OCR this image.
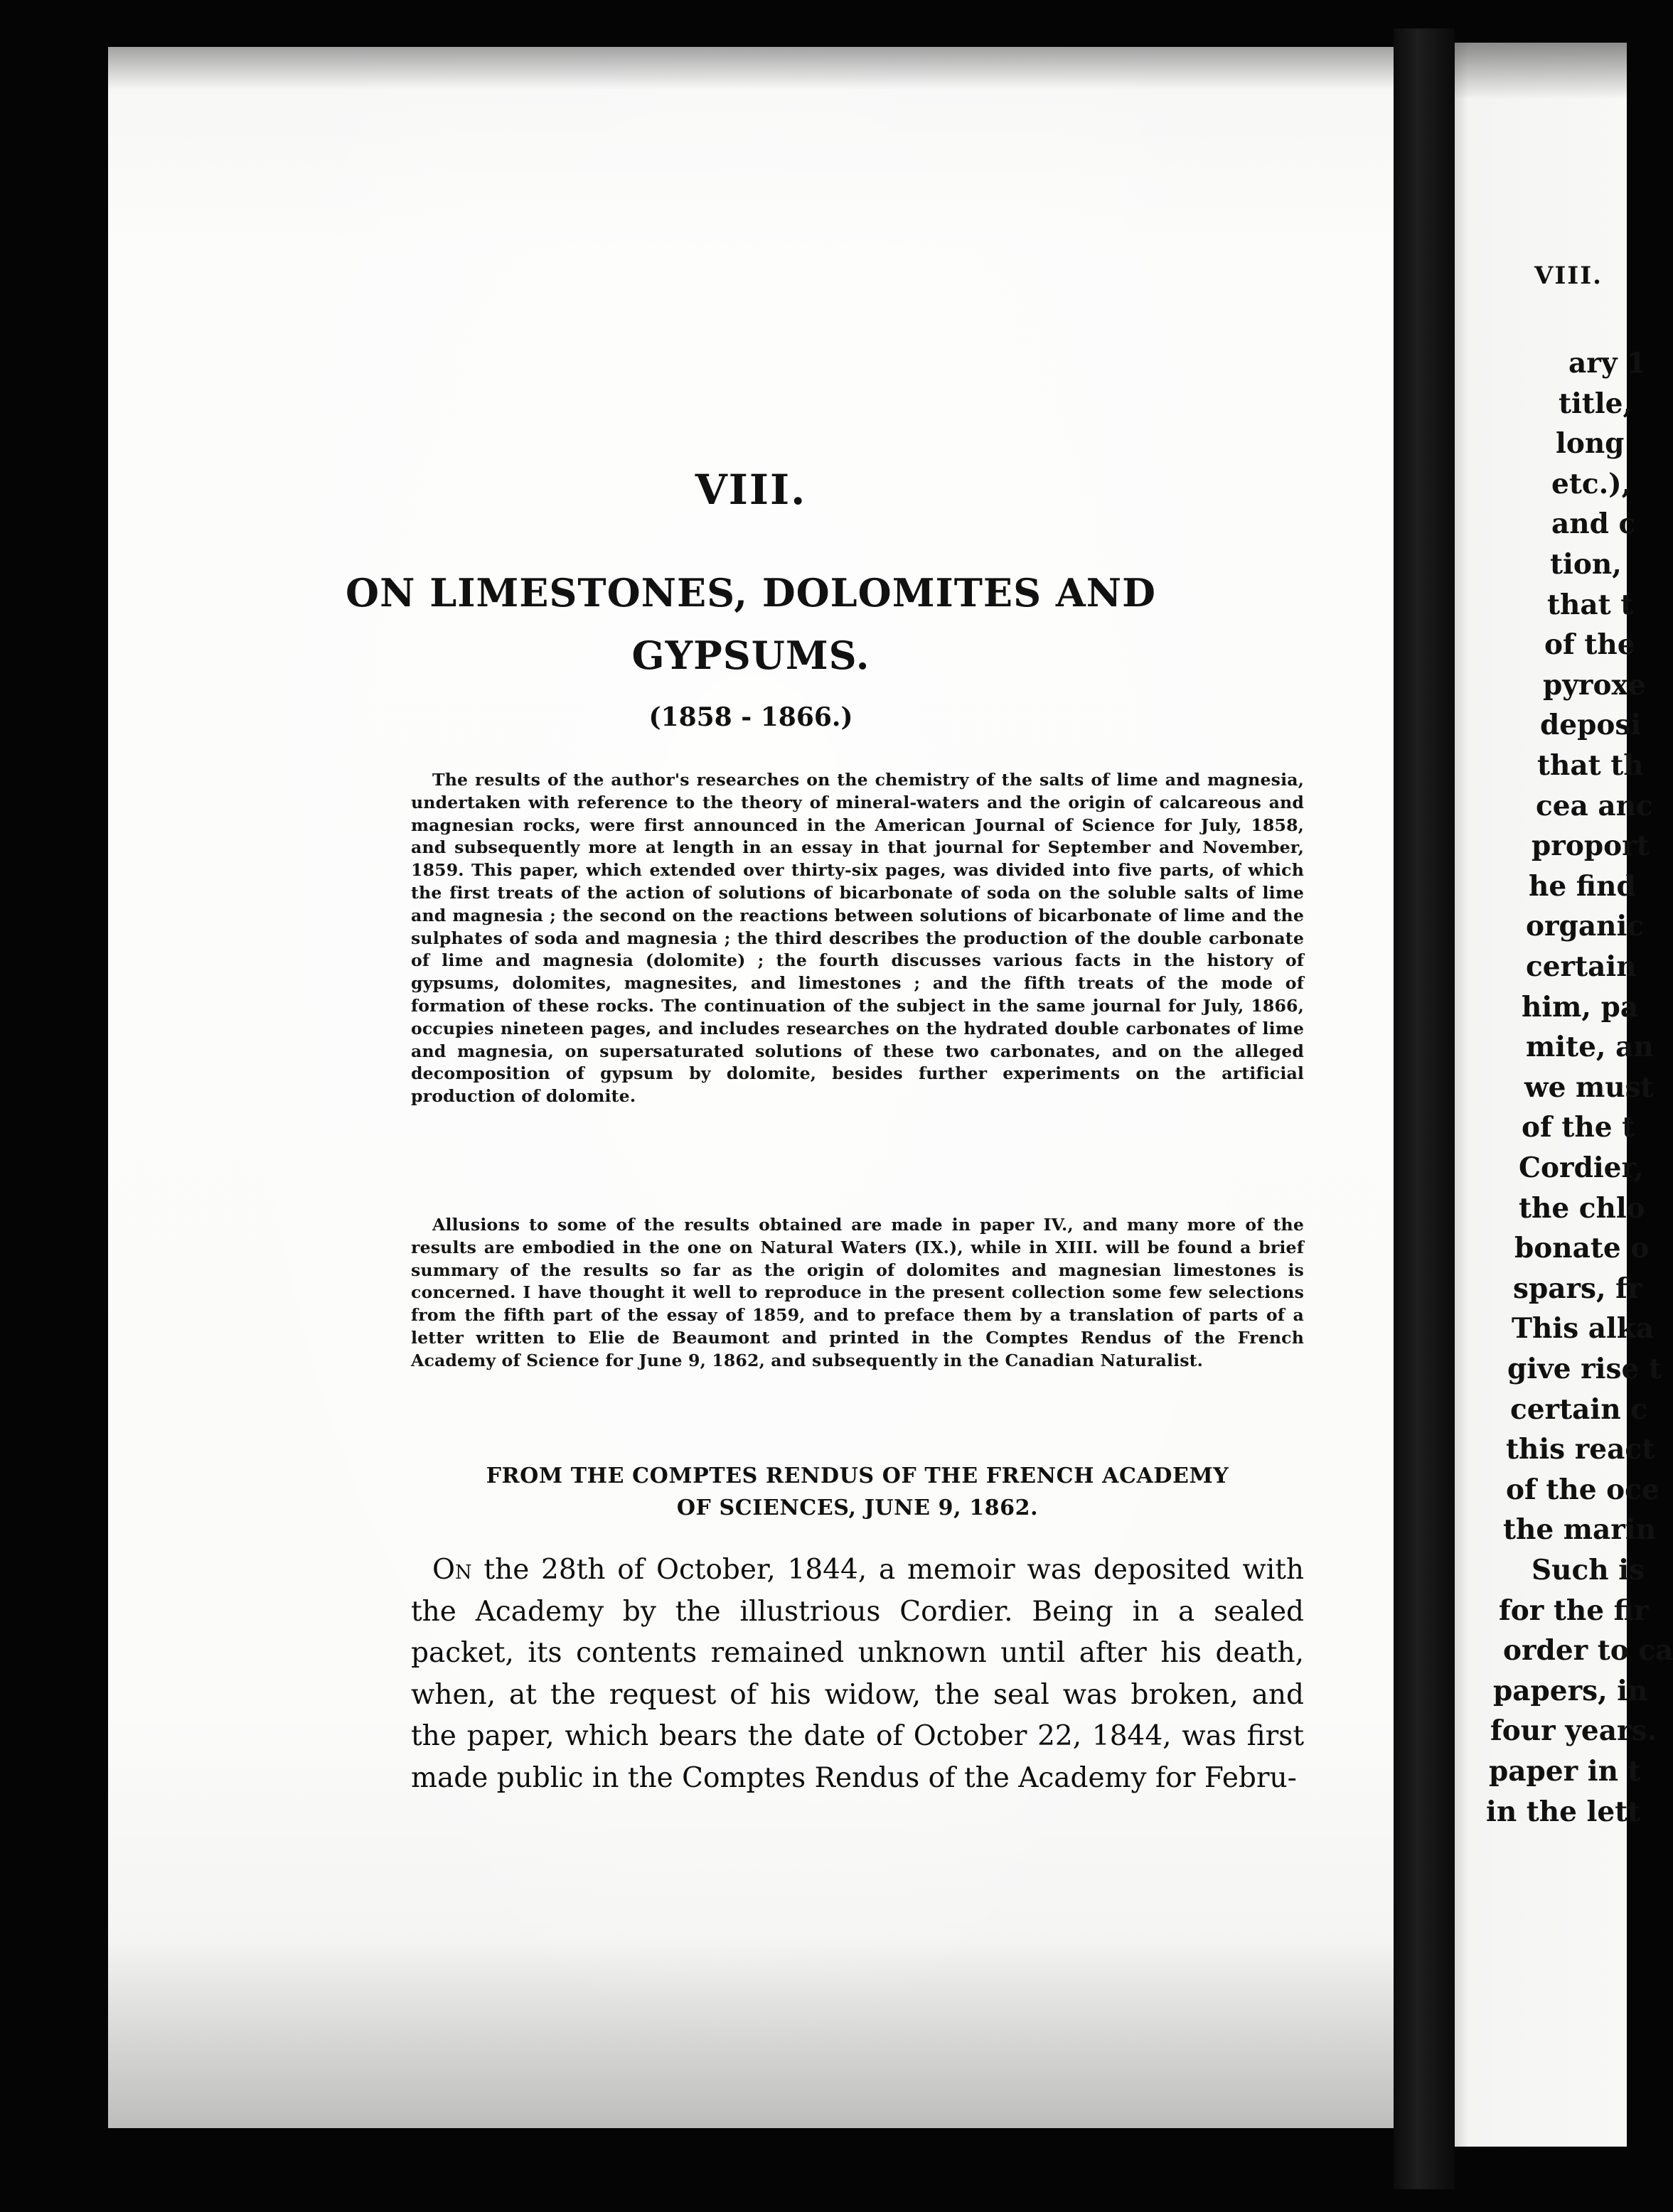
VIII.
ON LIMESTONES, DOLOMITES AND
GYPSUMS.
(1858 - 1866.)
The results of the author's researches on the chemistry of the salts of lime and magnesia, undertaken with reference to the theory of mineral-waters and the origin of calcareous and magnesian rocks, were first announced in the American Journal of Science for July, 1858, and subsequently more at length in an essay in that journal for September and November, 1859. This paper, which extended over thirty-six pages, was divided into five parts, of which the first treats of the action of solutions of bicarbonate of soda on the soluble salts of lime and magnesia ; the second on the reactions between solutions of bicarbonate of lime and the sulphates of soda and magnesia ; the third describes the production of the double carbonate of lime and magnesia (dolomite) ; the fourth discusses various facts in the history of gypsums, dolomites, magnesites, and limestones ; and the fifth treats of the mode of formation of these rocks. The continuation of the subject in the same journal for July, 1866, occupies nineteen pages, and includes researches on the hydrated double carbonates of lime and magnesia, on supersaturated solutions of these two carbonates, and on the alleged decomposition of gypsum by dolomite, besides further experiments on the artificial production of dolomite.
Allusions to some of the results obtained are made in paper IV., and many more of the results are embodied in the one on Natural Waters (IX.), while in XIII. will be found a brief summary of the results so far as the origin of dolomites and magnesian limestones is concerned. I have thought it well to reproduce in the present collection some few selections from the fifth part of the essay of 1859, and to preface them by a translation of parts of a letter written to Elie de Beaumont and printed in the Comptes Rendus of the French Academy of Science for June 9, 1862, and subsequently in the Canadian Naturalist.
FROM THE COMPTES RENDUS OF THE FRENCH ACADEMY
OF SCIENCES, JUNE 9, 1862.
On the 28th of October, 1844, a memoir was deposited with the Academy by the illustrious Cordier. Being in a sealed packet, its contents remained unknown until after his death, when, at the request of his widow, the seal was broken, and the paper, which bears the date of October 22, 1844, was first made public in the Comptes Rendus of the Academy for Febru-
VIII.
ary 1
title,
long
etc.),
and c
tion,
that t
of the
pyroxe
deposi
that th
cea anc
proport
he find
organic
certain
him, pa
mite, an
we must
of the t
Cordier,
the chlo
bonate o
spars, fr
This alka
give rise t
certain c
this react
of the oce
the marin
Such is
for the fir
order to ca
papers, in
four years.
paper in t
in the lett
